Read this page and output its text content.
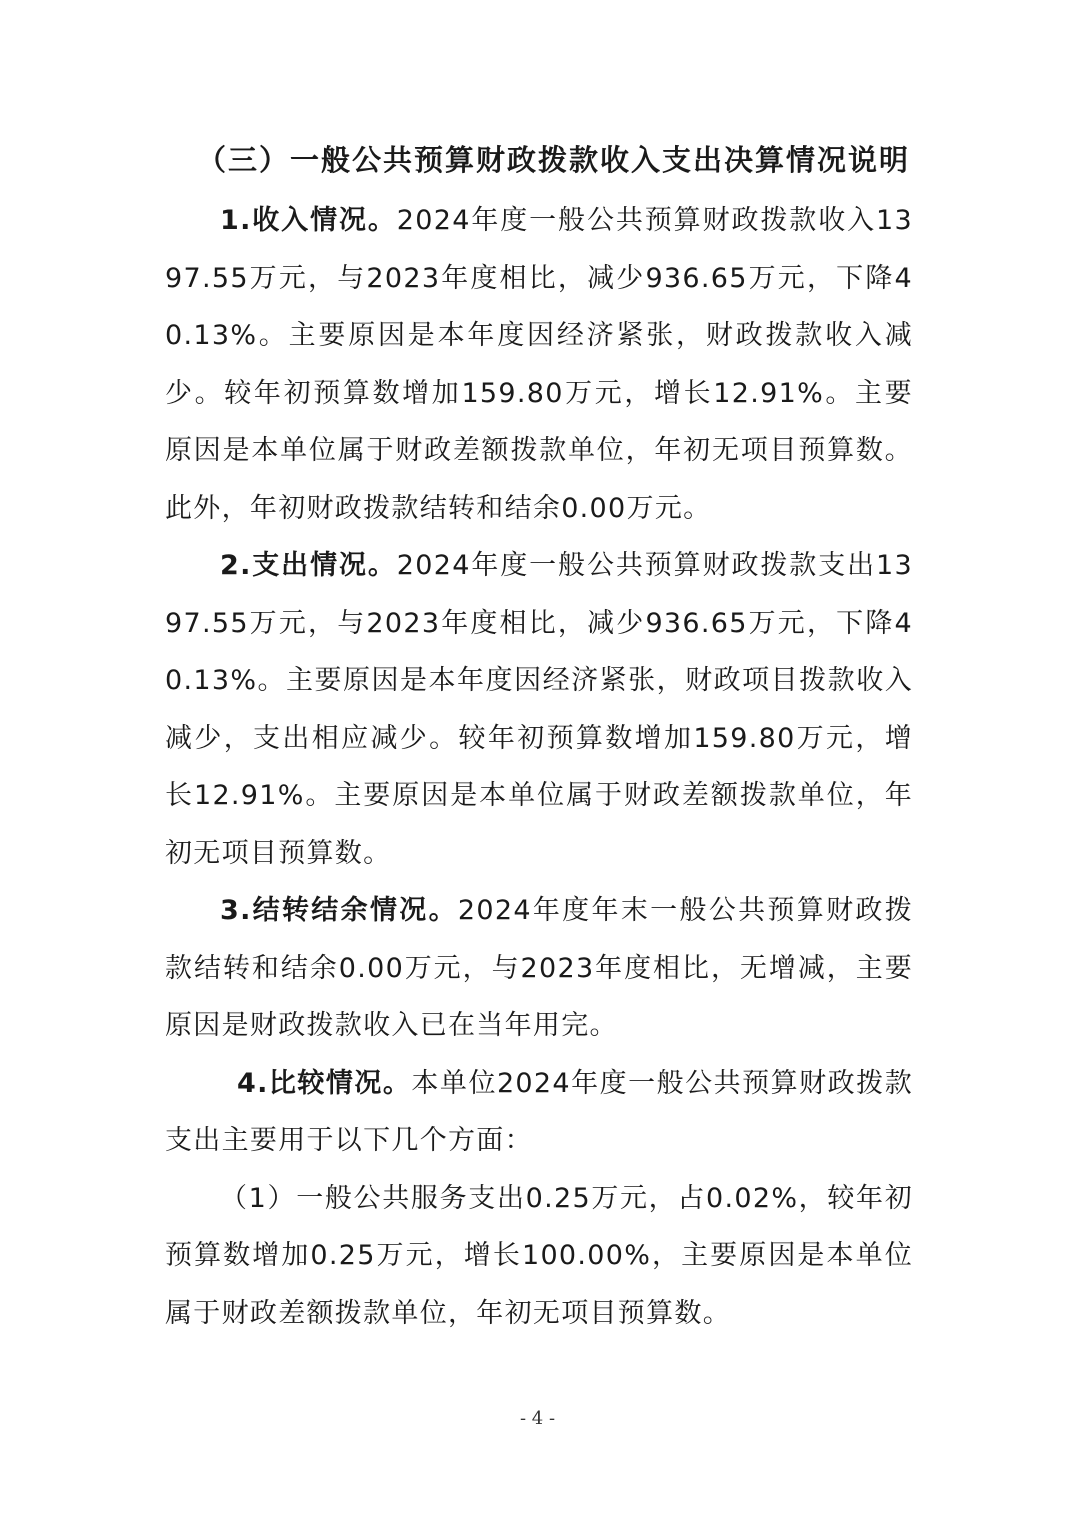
（三）一般公共预算财政拨款收入支出决算情况说明

1.收入情况。2024年度一般公共预算财政拨款收入1397.55万元，与2023年度相比，减少936.65万元，下降40.13%。主要原因是本年度因经济紧张，财政拨款收入减少。较年初预算数增加159.80万元，增长12.91%。主要原因是本单位属于财政差额拨款单位，年初无项目预算数。此外，年初财政拨款结转和结余0.00万元。

2.支出情况。2024年度一般公共预算财政拨款支出1397.55万元，与2023年度相比，减少936.65万元，下降40.13%。主要原因是本年度因经济紧张，财政项目拨款收入减少，支出相应减少。较年初预算数增加159.80万元，增长12.91%。主要原因是本单位属于财政差额拨款单位，年初无项目预算数。

3.结转结余情况。2024年度年末一般公共预算财政拨款结转和结余0.00万元，与2023年度相比，无增减，主要原因是财政拨款收入已在当年用完。

4.比较情况。本单位2024年度一般公共预算财政拨款支出主要用于以下几个方面：

（1）一般公共服务支出0.25万元，占0.02%，较年初预算数增加0.25万元，增长100.00%，主要原因是本单位属于财政差额拨款单位，年初无项目预算数。

- 4 -
